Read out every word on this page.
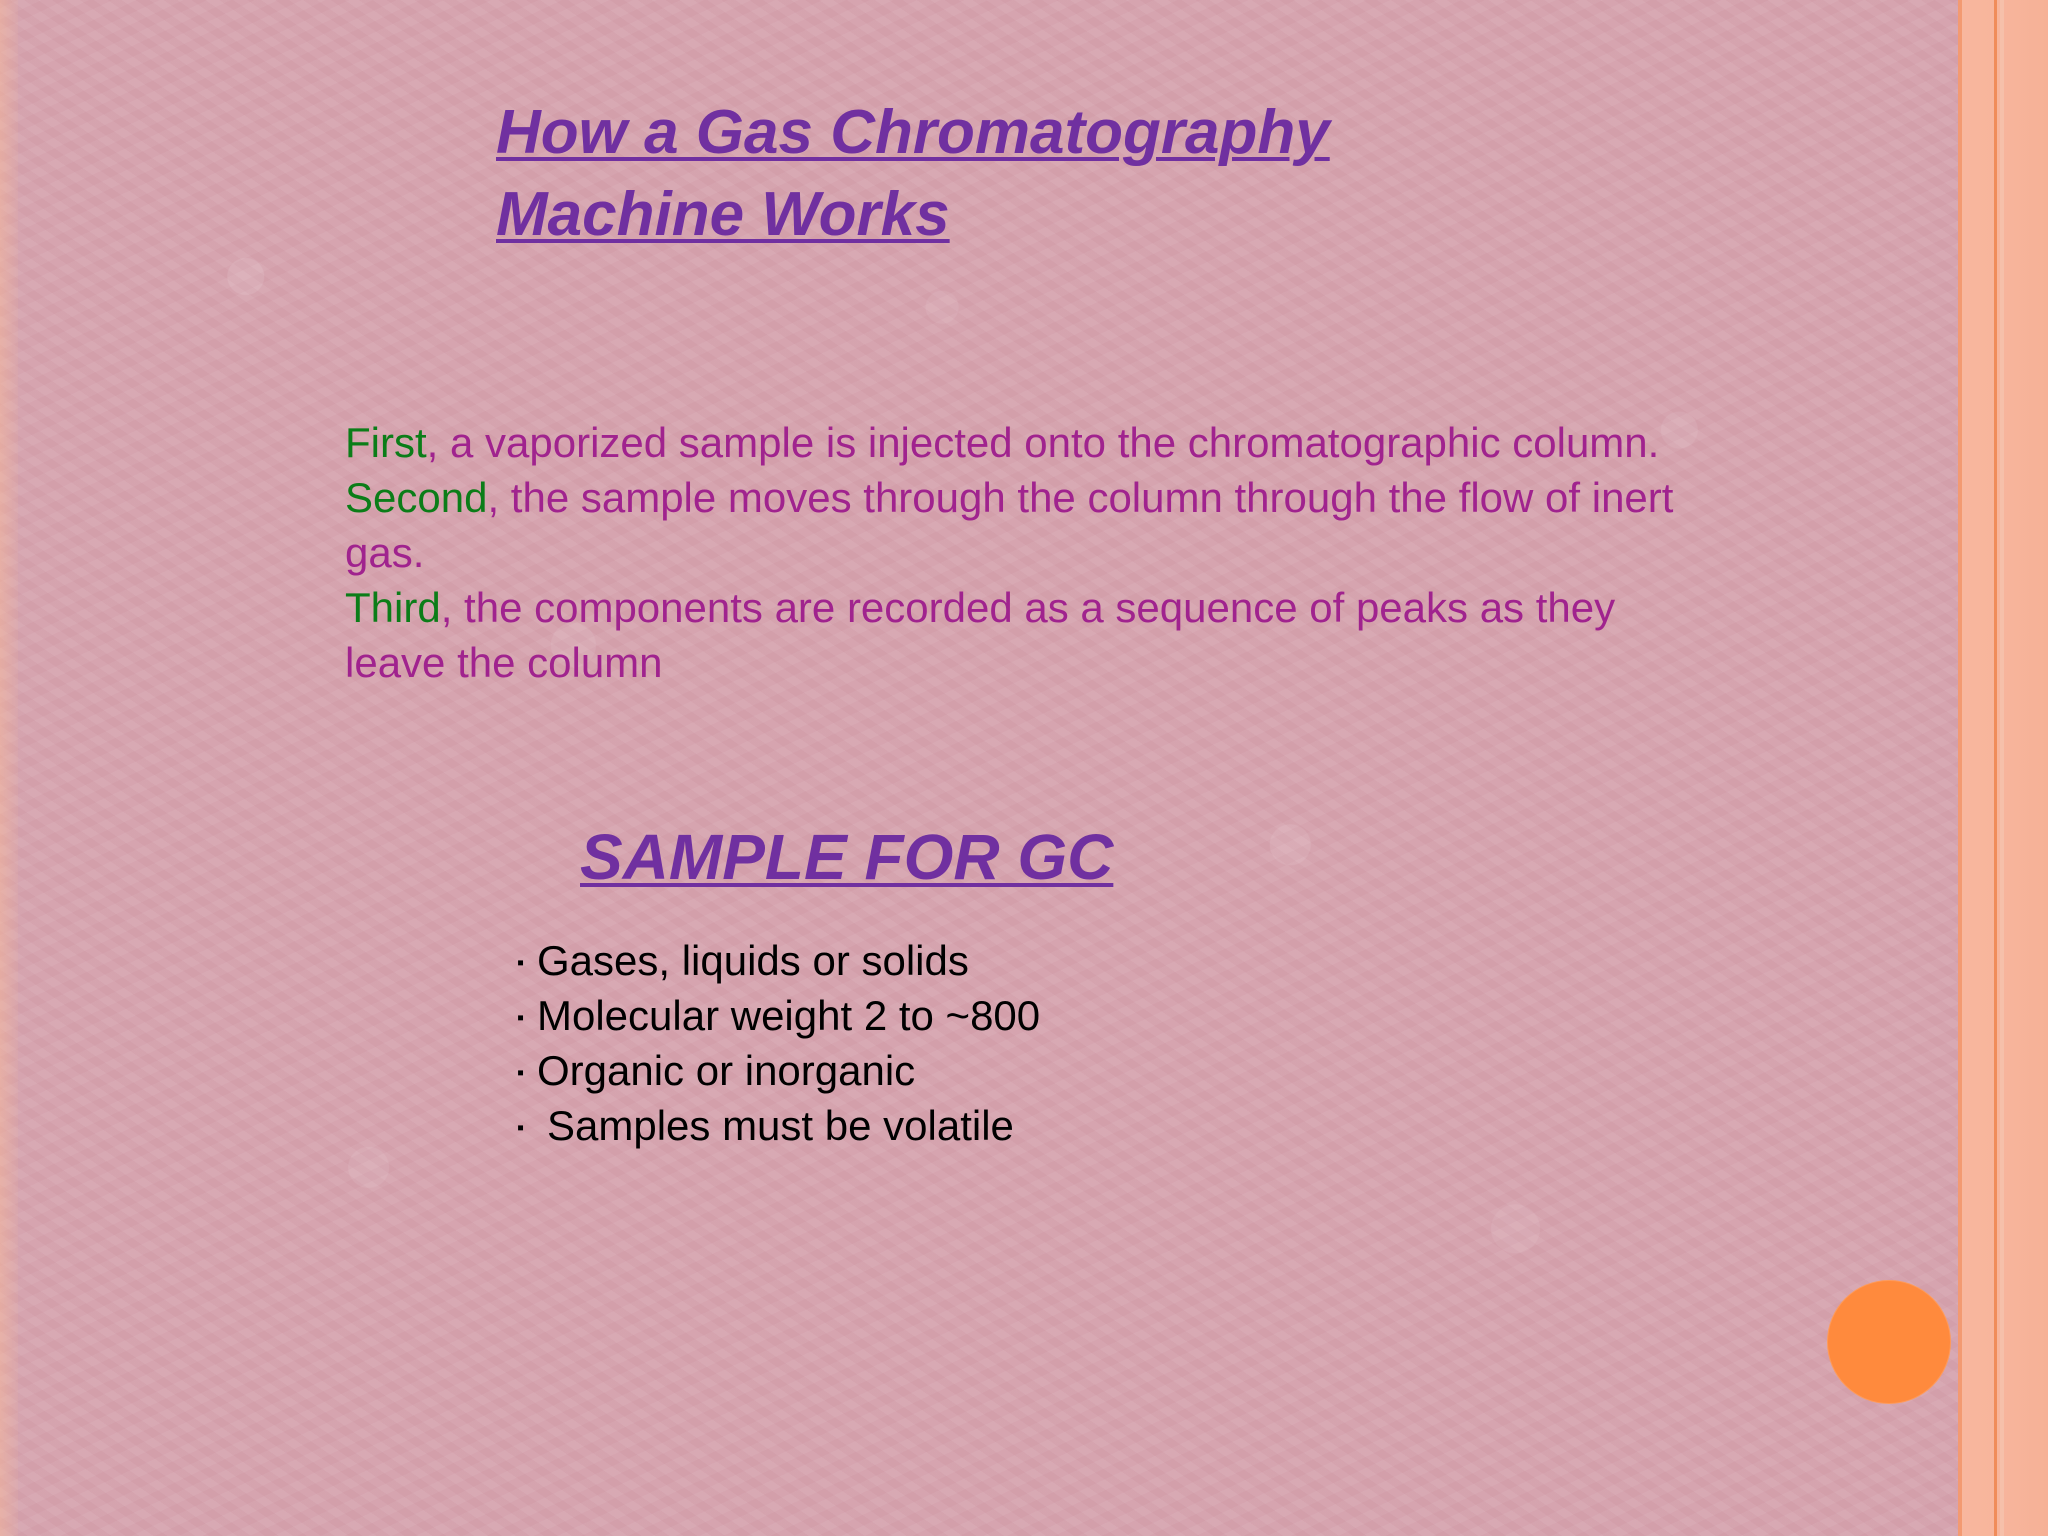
How a Gas Chromatography Machine Works

First, a vaporized sample is injected onto the chromatographic column.

Second, the sample moves through the column through the flow of inert gas.

Third, the components are recorded as a sequence of peaks as they leave the column

SAMPLE FOR GC
▪ Gases, liquids or solids
▪ Molecular weight 2 to ~800
▪ Organic or inorganic
▪ Samples must be volatile
